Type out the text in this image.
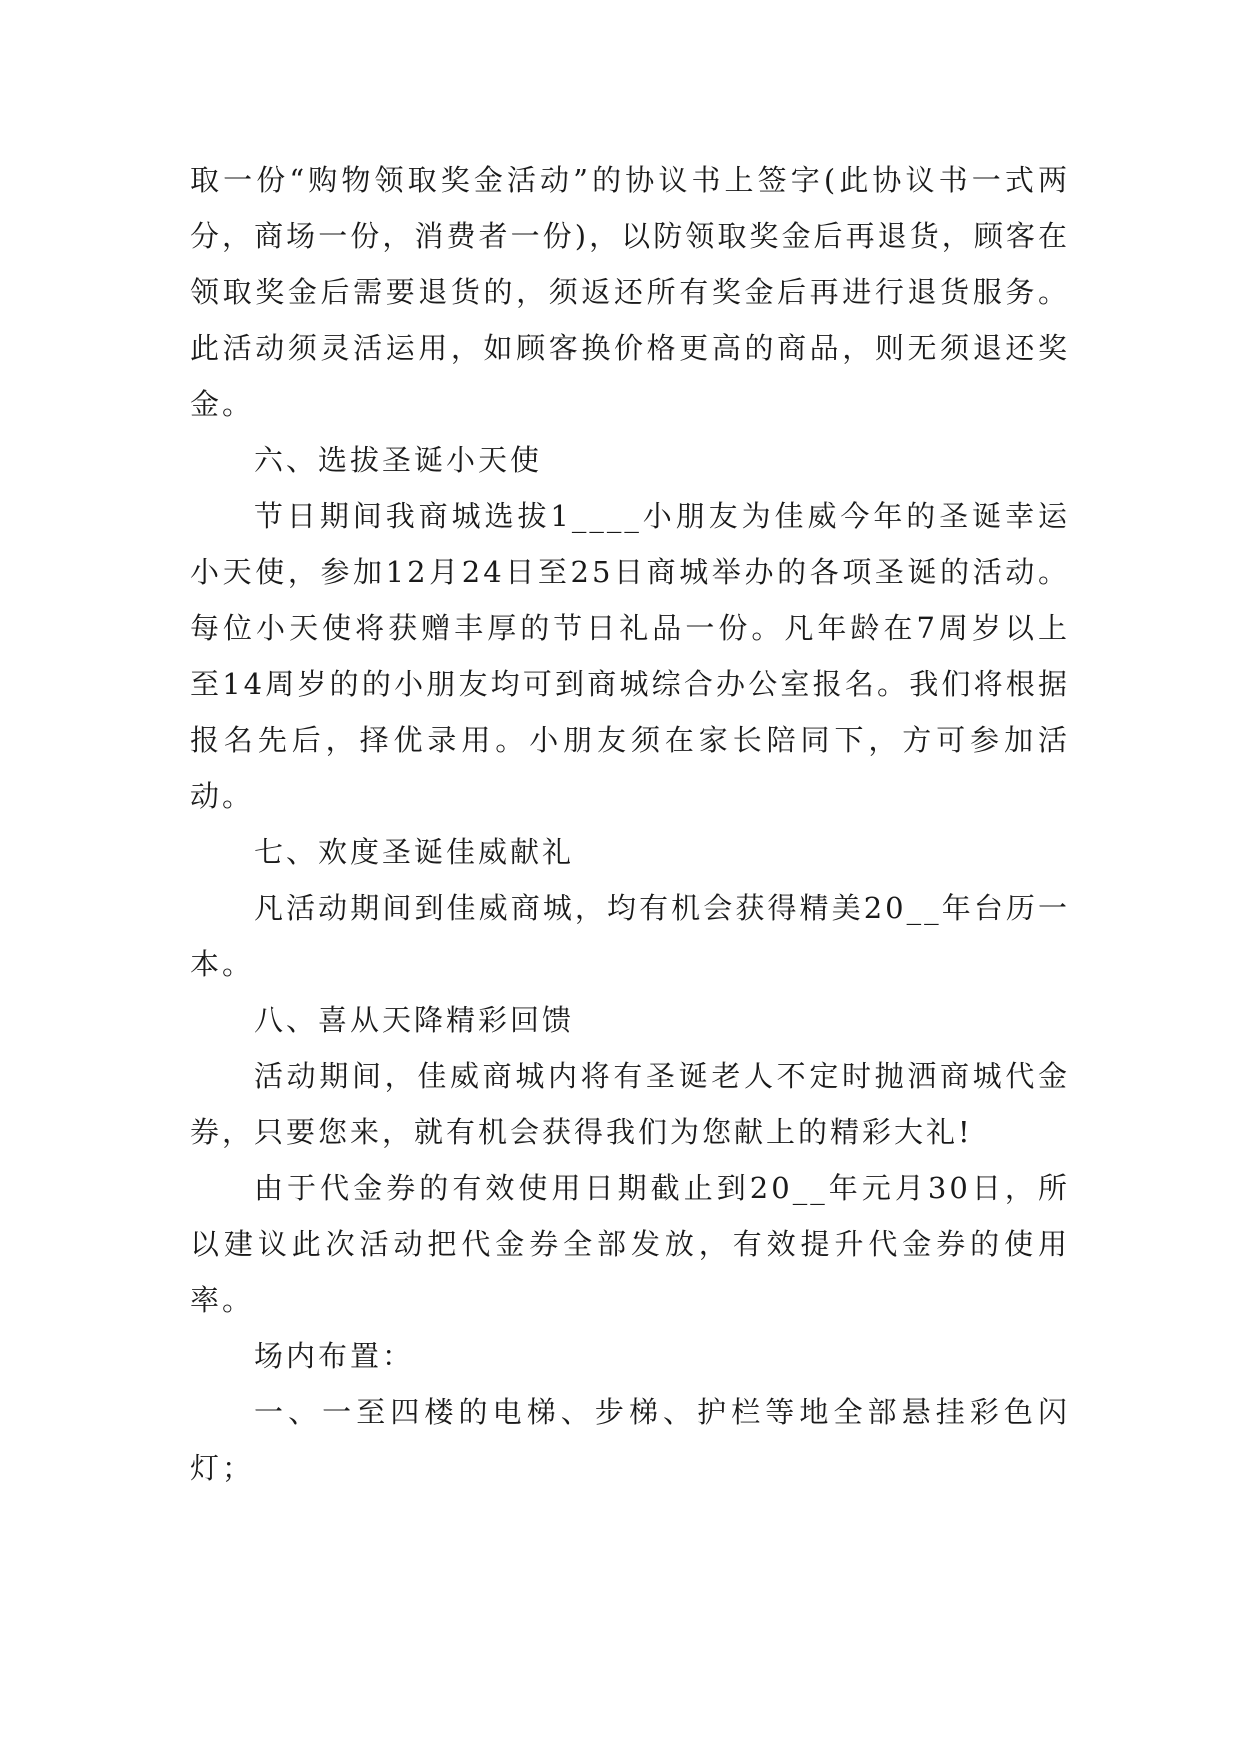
取一份“购物领取奖金活动”的协议书上签字(此协议书一式两分，商场一份，消费者一份)，以防领取奖金后再退货，顾客在领取奖金后需要退货的，须返还所有奖金后再进行退货服务。此活动须灵活运用，如顾客换价格更高的商品，则无须退还奖金。

六、选拔圣诞小天使

节日期间我商城选拔1____小朋友为佳威今年的圣诞幸运小天使，参加12月24日至25日商城举办的各项圣诞的活动。每位小天使将获赠丰厚的节日礼品一份。凡年龄在7周岁以上至14周岁的的小朋友均可到商城综合办公室报名。我们将根据报名先后，择优录用。小朋友须在家长陪同下，方可参加活动。

七、欢度圣诞佳威献礼

凡活动期间到佳威商城，均有机会获得精美20__年台历一本。

八、喜从天降精彩回馈

活动期间，佳威商城内将有圣诞老人不定时抛洒商城代金券，只要您来，就有机会获得我们为您献上的精彩大礼!

由于代金券的有效使用日期截止到20__年元月30日，所以建议此次活动把代金券全部发放，有效提升代金券的使用率。

场内布置：

一、一至四楼的电梯、步梯、护栏等地全部悬挂彩色闪灯；
